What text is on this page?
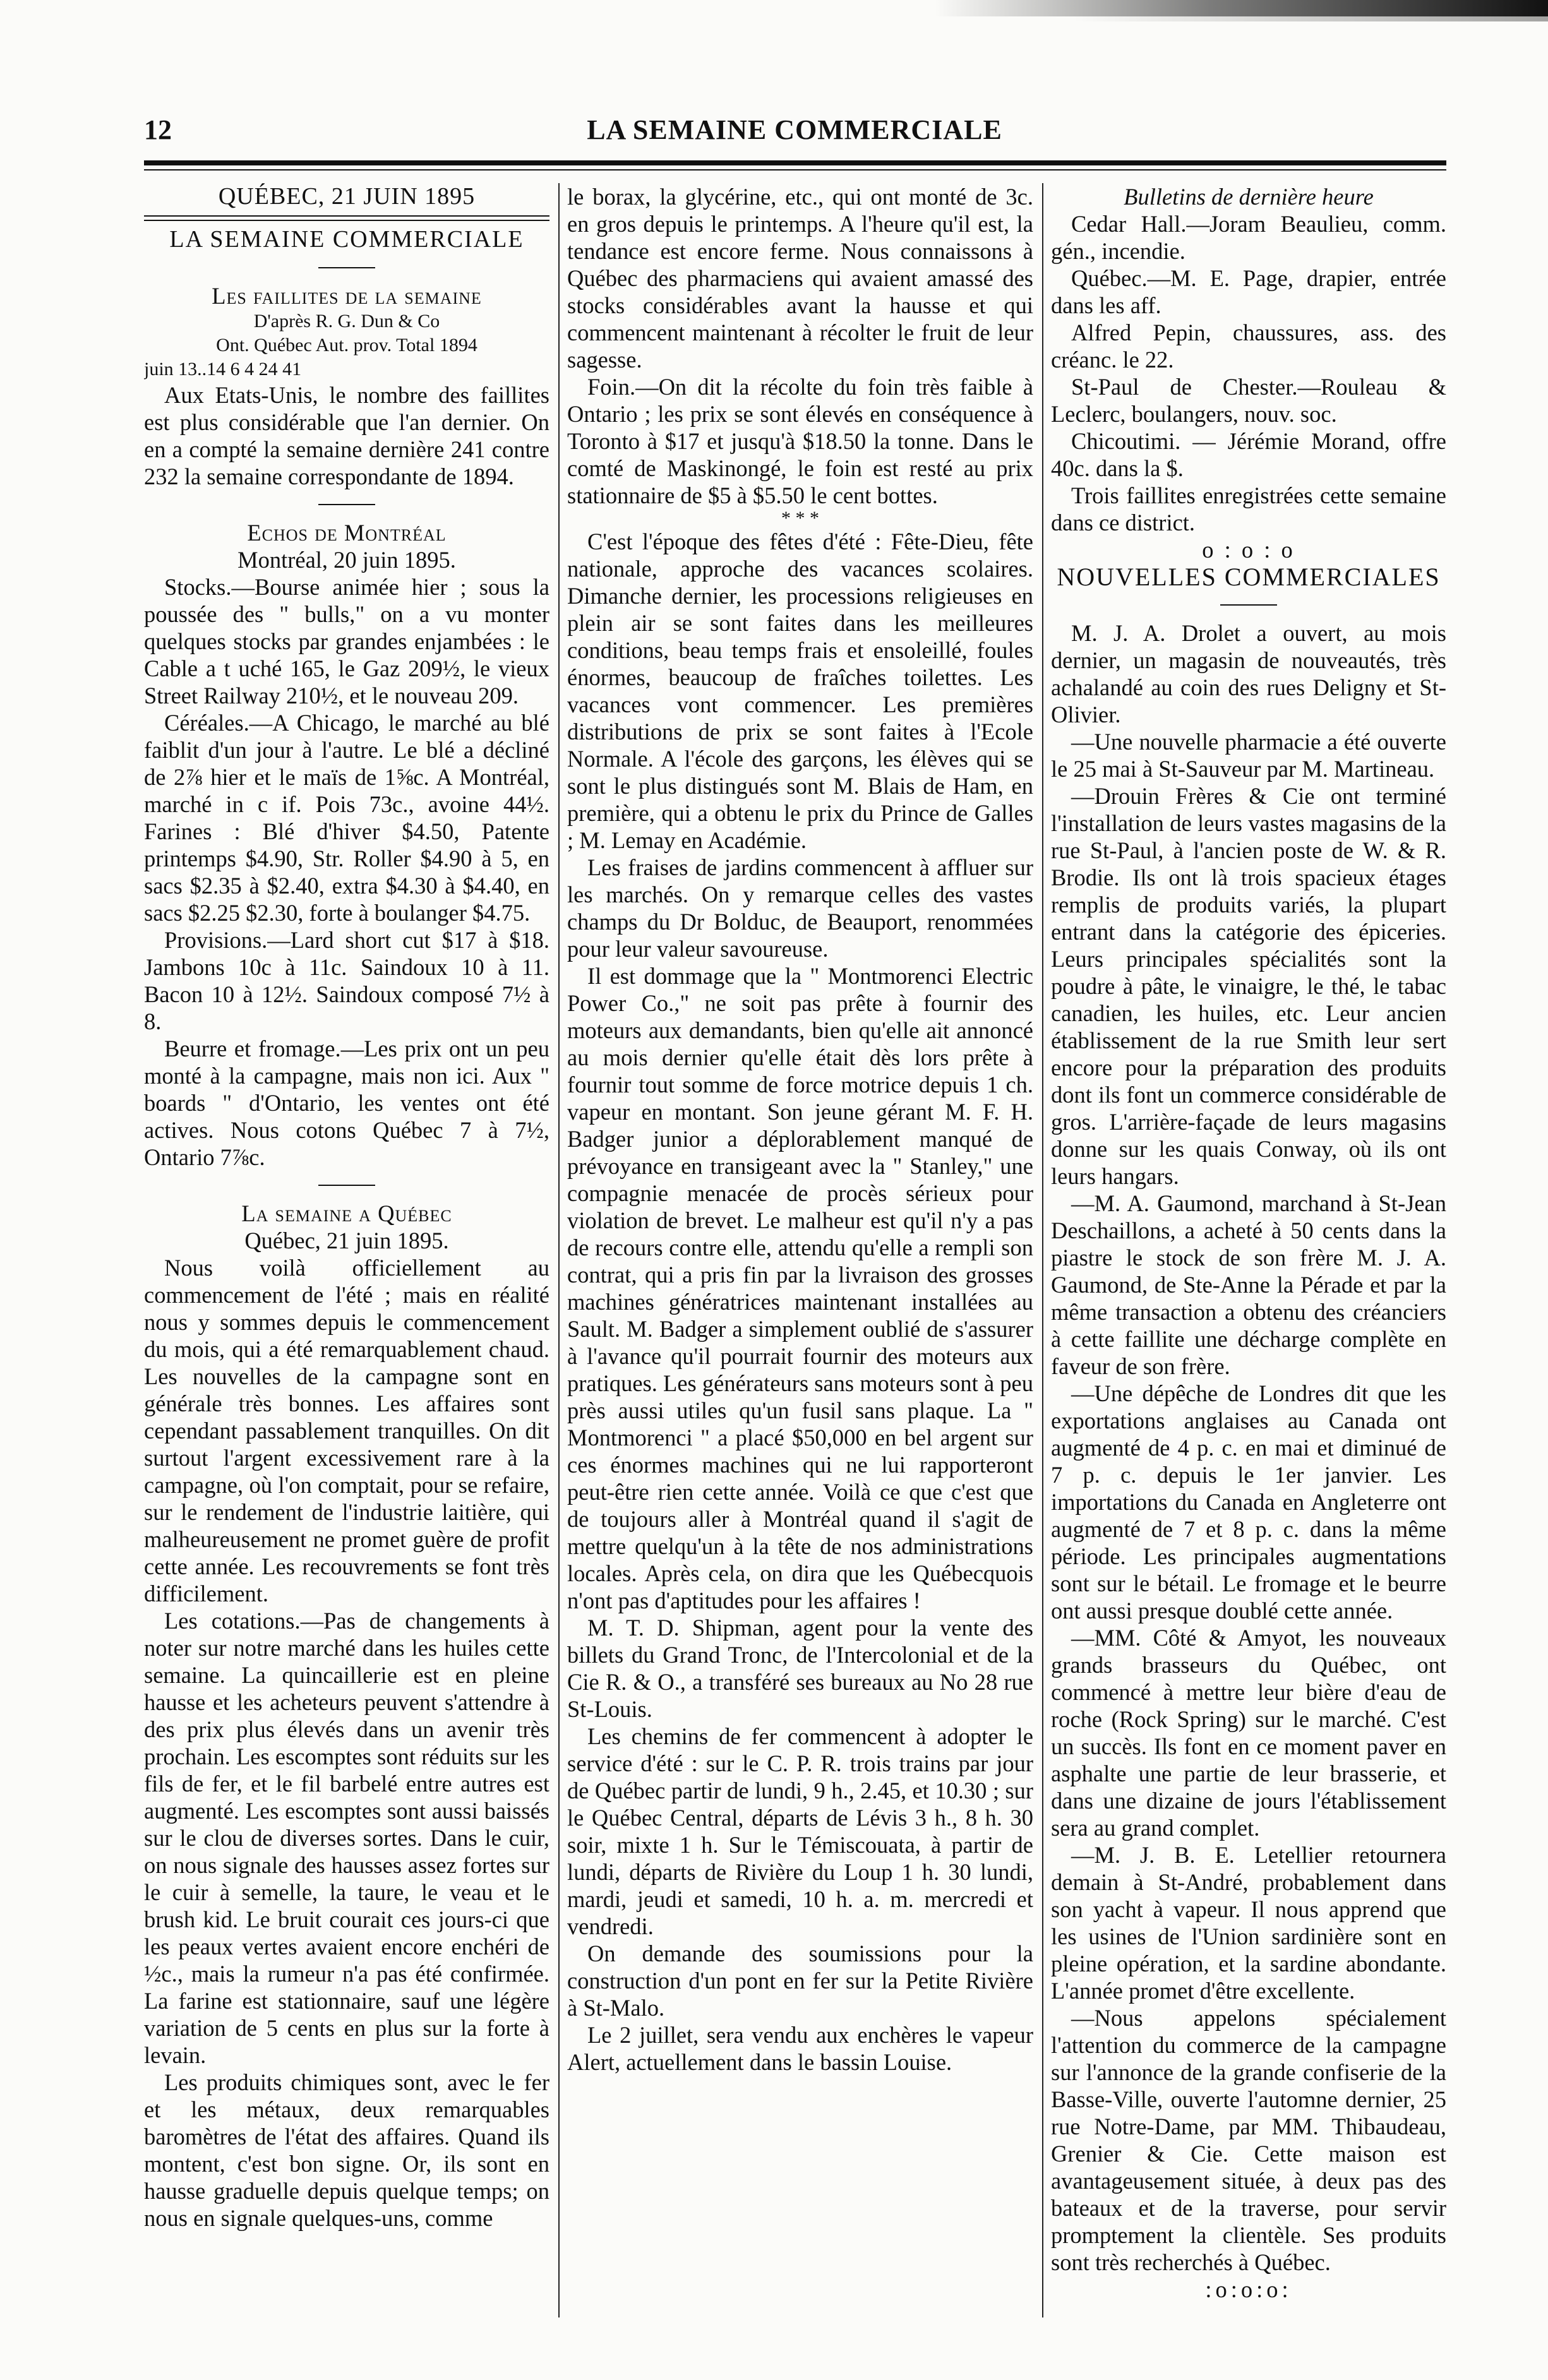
12	LA SEMAINE COMMERCIALE

QUÉBEC, 21 JUIN 1895

LA SEMAINE COMMERCIALE

Les faillites de la semaine

D'après R. G. Dun & Co

Ont. Québec Aut. prov. Total 1894

juin 13..14 6 4 24 41

Aux Etats-Unis, le nombre des faillites est plus considérable que l'an dernier. On en a compté la semaine dernière 241 contre 232 la semaine correspondante de 1894.

Echos de Montréal

Montréal, 20 juin 1895.

Stocks.—Bourse animée hier ; sous la poussée des " bulls," on a vu monter quelques stocks par grandes enjambées : le Cable a t uché 165, le Gaz 209½, le vieux Street Railway 210½, et le nouveau 209.

Céréales.—A Chicago, le marché au blé faiblit d'un jour à l'autre. Le blé a décliné de 2⅞ hier et le maïs de 1⅝c. A Montréal, marché in c if. Pois 73c., avoine 44½. Farines : Blé d'hiver $4.50, Patente printemps $4.90, Str. Roller $4.90 à 5, en sacs $2.35 à $2.40, extra $4.30 à $4.40, en sacs $2.25 $2.30, forte à boulanger $4.75.

Provisions.—Lard short cut $17 à $18. Jambons 10c à 11c. Saindoux 10 à 11. Bacon 10 à 12½. Saindoux composé 7½ à 8.

Beurre et fromage.—Les prix ont un peu monté à la campagne, mais non ici. Aux " boards " d'Ontario, les ventes ont été actives. Nous cotons Québec 7 à 7½, Ontario 7⅞c.

La semaine a Québec

Québec, 21 juin 1895.

Nous voilà officiellement au commencement de l'été ; mais en réalité nous y sommes depuis le commencement du mois, qui a été remarquablement chaud. Les nouvelles de la campagne sont en générale très bonnes. Les affaires sont cependant passablement tranquilles. On dit surtout l'argent excessivement rare à la campagne, où l'on comptait, pour se refaire, sur le rendement de l'industrie laitière, qui malheureusement ne promet guère de profit cette année. Les recouvrements se font très difficilement.

Les cotations.—Pas de changements à noter sur notre marché dans les huiles cette semaine. La quincaillerie est en pleine hausse et les acheteurs peuvent s'attendre à des prix plus élevés dans un avenir très prochain. Les escomptes sont réduits sur les fils de fer, et le fil barbelé entre autres est augmenté. Les escomptes sont aussi baissés sur le clou de diverses sortes. Dans le cuir, on nous signale des hausses assez fortes sur le cuir à semelle, la taure, le veau et le brush kid. Le bruit courait ces jours-ci que les peaux vertes avaient encore enchéri de ½c., mais la rumeur n'a pas été confirmée. La farine est stationnaire, sauf une légère variation de 5 cents en plus sur la forte à levain.

Les produits chimiques sont, avec le fer et les métaux, deux remarquables baromètres de l'état des affaires. Quand ils montent, c'est bon signe. Or, ils sont en hausse graduelle depuis quelque temps; on nous en signale quelques-uns, comme

le borax, la glycérine, etc., qui ont monté de 3c. en gros depuis le printemps. A l'heure qu'il est, la tendance est encore ferme. Nous connaissons à Québec des pharmaciens qui avaient amassé des stocks considérables avant la hausse et qui commencent maintenant à récolter le fruit de leur sagesse.

Foin.—On dit la récolte du foin très faible à Ontario ; les prix se sont élevés en conséquence à Toronto à $17 et jusqu'à $18.50 la tonne. Dans le comté de Maskinongé, le foin est resté au prix stationnaire de $5 à $5.50 le cent bottes.

* * *

C'est l'époque des fêtes d'été : Fête-Dieu, fête nationale, approche des vacances scolaires. Dimanche dernier, les processions religieuses en plein air se sont faites dans les meilleures conditions, beau temps frais et ensoleillé, foules énormes, beaucoup de fraîches toilettes. Les vacances vont commencer. Les premières distributions de prix se sont faites à l'Ecole Normale. A l'école des garçons, les élèves qui se sont le plus distingués sont M. Blais de Ham, en première, qui a obtenu le prix du Prince de Galles ; M. Lemay en Académie.

Les fraises de jardins commencent à affluer sur les marchés. On y remarque celles des vastes champs du Dr Bolduc, de Beauport, renommées pour leur valeur savoureuse.

Il est dommage que la " Montmorenci Electric Power Co.," ne soit pas prête à fournir des moteurs aux demandants, bien qu'elle ait annoncé au mois dernier qu'elle était dès lors prête à fournir tout somme de force motrice depuis 1 ch. vapeur en montant. Son jeune gérant M. F. H. Badger junior a déplorablement manqué de prévoyance en transigeant avec la " Stanley," une compagnie menacée de procès sérieux pour violation de brevet. Le malheur est qu'il n'y a pas de recours contre elle, attendu qu'elle a rempli son contrat, qui a pris fin par la livraison des grosses machines génératrices maintenant installées au Sault. M. Badger a simplement oublié de s'assurer à l'avance qu'il pourrait fournir des moteurs aux pratiques. Les générateurs sans moteurs sont à peu près aussi utiles qu'un fusil sans plaque. La " Montmorenci " a placé $50,000 en bel argent sur ces énormes machines qui ne lui rapporteront peut-être rien cette année. Voilà ce que c'est que de toujours aller à Montréal quand il s'agit de mettre quelqu'un à la tête de nos administrations locales. Après cela, on dira que les Québecquois n'ont pas d'aptitudes pour les affaires !

M. T. D. Shipman, agent pour la vente des billets du Grand Tronc, de l'Intercolonial et de la Cie R. & O., a transféré ses bureaux au No 28 rue St-Louis.

Les chemins de fer commencent à adopter le service d'été : sur le C. P. R. trois trains par jour de Québec partir de lundi, 9 h., 2.45, et 10.30 ; sur le Québec Central, départs de Lévis 3 h., 8 h. 30 soir, mixte 1 h. Sur le Témiscouata, à partir de lundi, départs de Rivière du Loup 1 h. 30 lundi, mardi, jeudi et samedi, 10 h. a. m. mercredi et vendredi.

On demande des soumissions pour la construction d'un pont en fer sur la Petite Rivière à St-Malo.

Le 2 juillet, sera vendu aux enchères le vapeur Alert, actuellement dans le bassin Louise.

Bulletins de dernière heure

Cedar Hall.—Joram Beaulieu, comm. gén., incendie.

Québec.—M. E. Page, drapier, entrée dans les aff.

Alfred Pepin, chaussures, ass. des créanc. le 22.

St-Paul de Chester.—Rouleau & Leclerc, boulangers, nouv. soc.

Chicoutimi. — Jérémie Morand, offre 40c. dans la $.

Trois faillites enregistrées cette semaine dans ce district.

o : o : o

NOUVELLES COMMERCIALES

M. J. A. Drolet a ouvert, au mois dernier, un magasin de nouveautés, très achalandé au coin des rues Deligny et St-Olivier.

—Une nouvelle pharmacie a été ouverte le 25 mai à St-Sauveur par M. Martineau.

—Drouin Frères & Cie ont terminé l'installation de leurs vastes magasins de la rue St-Paul, à l'ancien poste de W. & R. Brodie. Ils ont là trois spacieux étages remplis de produits variés, la plupart entrant dans la catégorie des épiceries. Leurs principales spécialités sont la poudre à pâte, le vinaigre, le thé, le tabac canadien, les huiles, etc. Leur ancien établissement de la rue Smith leur sert encore pour la préparation des produits dont ils font un commerce considérable de gros. L'arrière-façade de leurs magasins donne sur les quais Conway, où ils ont leurs hangars.

—M. A. Gaumond, marchand à St-Jean Deschaillons, a acheté à 50 cents dans la piastre le stock de son frère M. J. A. Gaumond, de Ste-Anne la Pérade et par la même transaction a obtenu des créanciers à cette faillite une décharge complète en faveur de son frère.

—Une dépêche de Londres dit que les exportations anglaises au Canada ont augmenté de 4 p. c. en mai et diminué de 7 p. c. depuis le 1er janvier. Les importations du Canada en Angleterre ont augmenté de 7 et 8 p. c. dans la même période. Les principales augmentations sont sur le bétail. Le fromage et le beurre ont aussi presque doublé cette année.

—MM. Côté & Amyot, les nouveaux grands brasseurs du Québec, ont commencé à mettre leur bière d'eau de roche (Rock Spring) sur le marché. C'est un succès. Ils font en ce moment paver en asphalte une partie de leur brasserie, et dans une dizaine de jours l'établissement sera au grand complet.

—M. J. B. E. Letellier retournera demain à St-André, probablement dans son yacht à vapeur. Il nous apprend que les usines de l'Union sardinière sont en pleine opération, et la sardine abondante. L'année promet d'être excellente.

—Nous appelons spécialement l'attention du commerce de la campagne sur l'annonce de la grande confiserie de la Basse-Ville, ouverte l'automne dernier, 25 rue Notre-Dame, par MM. Thibaudeau, Grenier & Cie. Cette maison est avantageusement située, à deux pas des bateaux et de la traverse, pour servir promptement la clientèle. Ses produits sont très recherchés à Québec.

:o:o:o:
